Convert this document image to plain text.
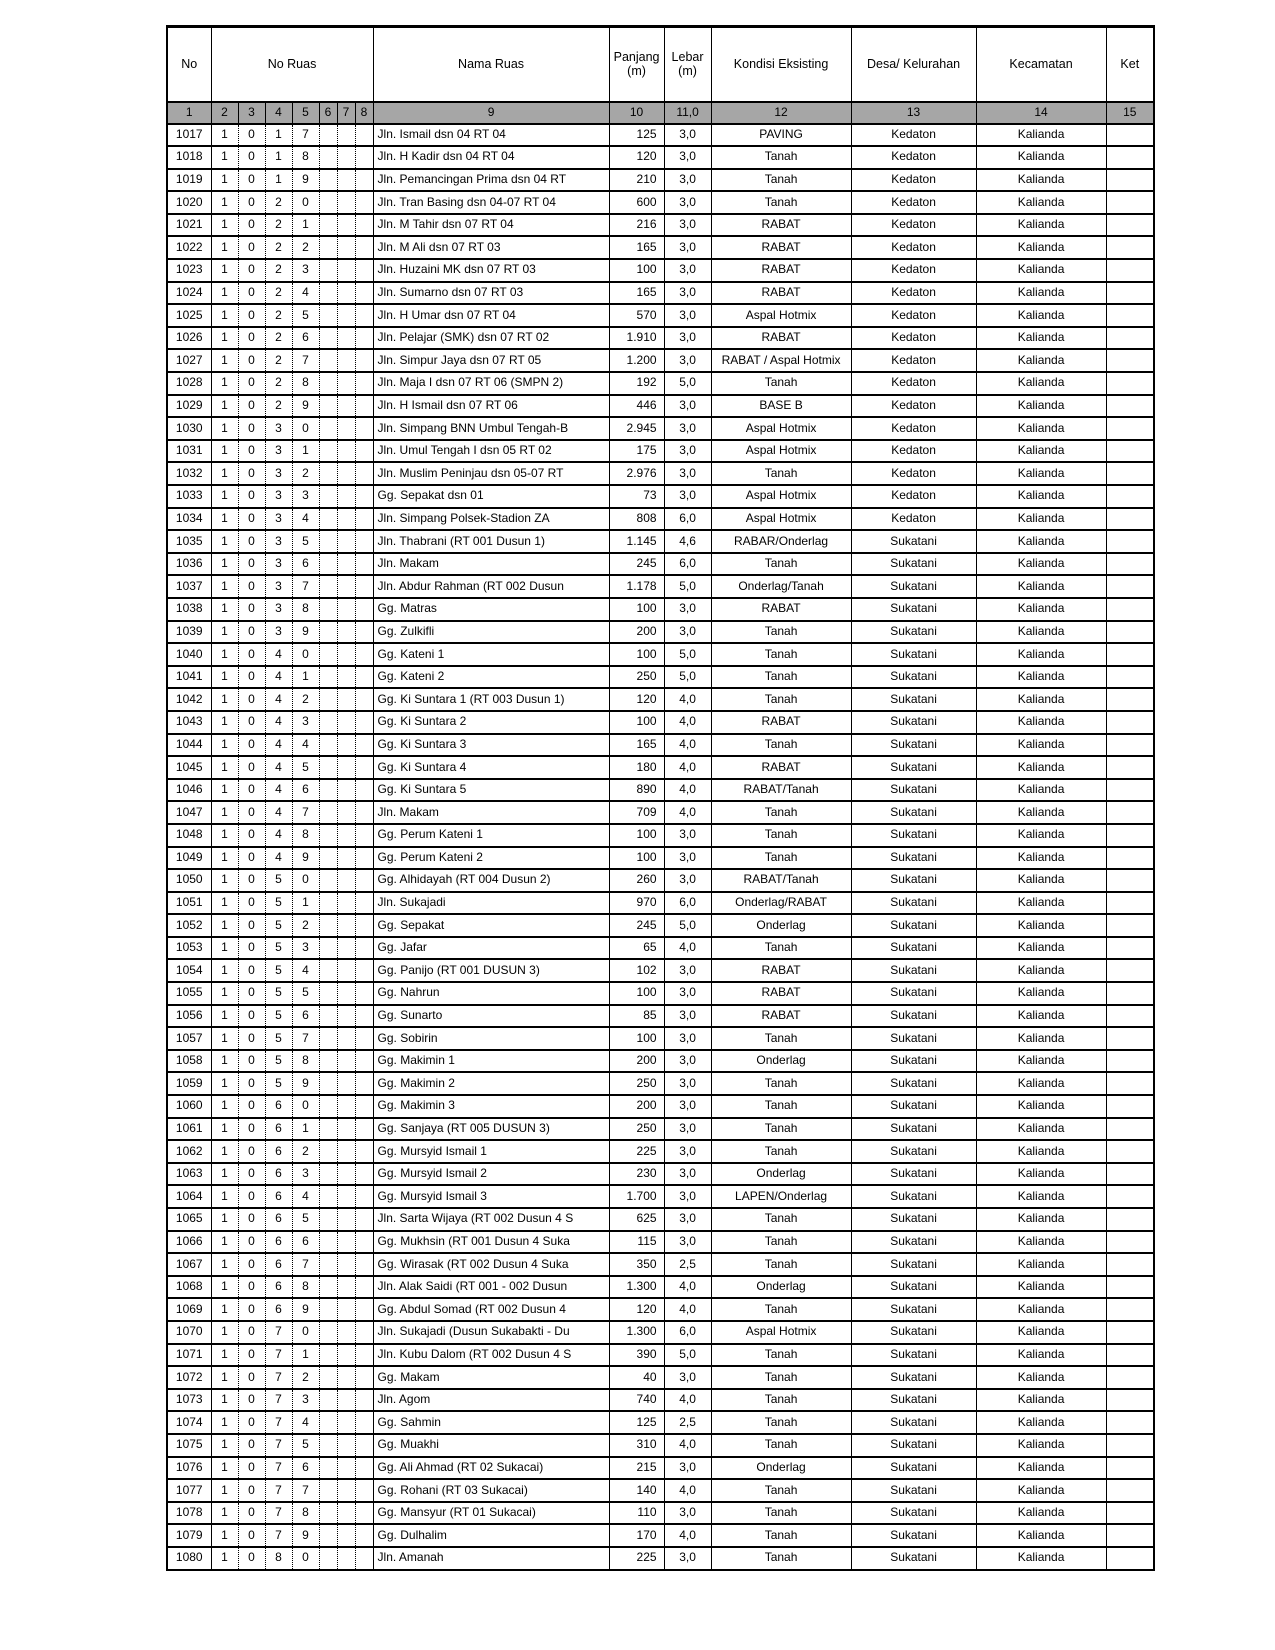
No	No Ruas							Nama Ruas	Panjang (m)	Lebar (m)	Kondisi Eksisting	Desa/ Kelurahan	Kecamatan	Ket
1	2	3	4	5	6	7	8	9	10	11,0	12	13	14	15
1017	1	0	1	7				Jln. Ismail dsn 04 RT 04	125	3,0	PAVING	Kedaton	Kalianda	
1018	1	0	1	8				Jln. H Kadir dsn 04 RT 04	120	3,0	Tanah	Kedaton	Kalianda	
1019	1	0	1	9				Jln. Pemancingan Prima dsn 04 RT	210	3,0	Tanah	Kedaton	Kalianda	
1020	1	0	2	0				Jln. Tran Basing dsn 04-07 RT 04	600	3,0	Tanah	Kedaton	Kalianda	
1021	1	0	2	1				Jln. M Tahir dsn 07 RT 04	216	3,0	RABAT	Kedaton	Kalianda	
1022	1	0	2	2				Jln. M Ali dsn 07 RT 03	165	3,0	RABAT	Kedaton	Kalianda	
1023	1	0	2	3				Jln. Huzaini MK dsn 07 RT 03	100	3,0	RABAT	Kedaton	Kalianda	
1024	1	0	2	4				Jln. Sumarno dsn 07 RT 03	165	3,0	RABAT	Kedaton	Kalianda	
1025	1	0	2	5				Jln. H Umar dsn 07 RT 04	570	3,0	Aspal Hotmix	Kedaton	Kalianda	
1026	1	0	2	6				Jln. Pelajar (SMK) dsn 07 RT 02	1.910	3,0	RABAT	Kedaton	Kalianda	
1027	1	0	2	7				Jln. Simpur Jaya dsn 07 RT 05	1.200	3,0	RABAT / Aspal Hotmix	Kedaton	Kalianda	
1028	1	0	2	8				Jln. Maja I dsn 07 RT 06 (SMPN 2)	192	5,0	Tanah	Kedaton	Kalianda	
1029	1	0	2	9				Jln. H Ismail dsn 07 RT 06	446	3,0	BASE B	Kedaton	Kalianda	
1030	1	0	3	0				Jln. Simpang BNN Umbul Tengah-B	2.945	3,0	Aspal Hotmix	Kedaton	Kalianda	
1031	1	0	3	1				Jln. Umul Tengah I dsn 05 RT 02	175	3,0	Aspal Hotmix	Kedaton	Kalianda	
1032	1	0	3	2				Jln. Muslim Peninjau dsn 05-07 RT	2.976	3,0	Tanah	Kedaton	Kalianda	
1033	1	0	3	3				Gg. Sepakat dsn 01	73	3,0	Aspal Hotmix	Kedaton	Kalianda	
1034	1	0	3	4				Jln. Simpang Polsek-Stadion ZA	808	6,0	Aspal Hotmix	Kedaton	Kalianda	
1035	1	0	3	5				Jln. Thabrani (RT 001 Dusun 1)	1.145	4,6	RABAR/Onderlag	Sukatani	Kalianda	
1036	1	0	3	6				Jln. Makam	245	6,0	Tanah	Sukatani	Kalianda	
1037	1	0	3	7				Jln. Abdur Rahman (RT 002 Dusun	1.178	5,0	Onderlag/Tanah	Sukatani	Kalianda	
1038	1	0	3	8				Gg. Matras	100	3,0	RABAT	Sukatani	Kalianda	
1039	1	0	3	9				Gg. Zulkifli	200	3,0	Tanah	Sukatani	Kalianda	
1040	1	0	4	0				Gg. Kateni 1	100	5,0	Tanah	Sukatani	Kalianda	
1041	1	0	4	1				Gg. Kateni 2	250	5,0	Tanah	Sukatani	Kalianda	
1042	1	0	4	2				Gg. Ki Suntara 1 (RT 003 Dusun 1)	120	4,0	Tanah	Sukatani	Kalianda	
1043	1	0	4	3				Gg. Ki Suntara 2	100	4,0	RABAT	Sukatani	Kalianda	
1044	1	0	4	4				Gg. Ki Suntara 3	165	4,0	Tanah	Sukatani	Kalianda	
1045	1	0	4	5				Gg. Ki Suntara 4	180	4,0	RABAT	Sukatani	Kalianda	
1046	1	0	4	6				Gg. Ki Suntara 5	890	4,0	RABAT/Tanah	Sukatani	Kalianda	
1047	1	0	4	7				Jln. Makam	709	4,0	Tanah	Sukatani	Kalianda	
1048	1	0	4	8				Gg. Perum Kateni 1	100	3,0	Tanah	Sukatani	Kalianda	
1049	1	0	4	9				Gg. Perum Kateni 2	100	3,0	Tanah	Sukatani	Kalianda	
1050	1	0	5	0				Gg. Alhidayah (RT 004 Dusun 2)	260	3,0	RABAT/Tanah	Sukatani	Kalianda	
1051	1	0	5	1				Jln. Sukajadi	970	6,0	Onderlag/RABAT	Sukatani	Kalianda	
1052	1	0	5	2				Gg. Sepakat	245	5,0	Onderlag	Sukatani	Kalianda	
1053	1	0	5	3				Gg. Jafar	65	4,0	Tanah	Sukatani	Kalianda	
1054	1	0	5	4				Gg. Panijo (RT 001 DUSUN 3)	102	3,0	RABAT	Sukatani	Kalianda	
1055	1	0	5	5				Gg. Nahrun	100	3,0	RABAT	Sukatani	Kalianda	
1056	1	0	5	6				Gg. Sunarto	85	3,0	RABAT	Sukatani	Kalianda	
1057	1	0	5	7				Gg. Sobirin	100	3,0	Tanah	Sukatani	Kalianda	
1058	1	0	5	8				Gg. Makimin 1	200	3,0	Onderlag	Sukatani	Kalianda	
1059	1	0	5	9				Gg. Makimin 2	250	3,0	Tanah	Sukatani	Kalianda	
1060	1	0	6	0				Gg. Makimin 3	200	3,0	Tanah	Sukatani	Kalianda	
1061	1	0	6	1				Gg. Sanjaya (RT 005 DUSUN 3)	250	3,0	Tanah	Sukatani	Kalianda	
1062	1	0	6	2				Gg. Mursyid Ismail 1	225	3,0	Tanah	Sukatani	Kalianda	
1063	1	0	6	3				Gg. Mursyid Ismail 2	230	3,0	Onderlag	Sukatani	Kalianda	
1064	1	0	6	4				Gg. Mursyid Ismail 3	1.700	3,0	LAPEN/Onderlag	Sukatani	Kalianda	
1065	1	0	6	5				Jln. Sarta Wijaya (RT 002 Dusun 4 S	625	3,0	Tanah	Sukatani	Kalianda	
1066	1	0	6	6				Gg. Mukhsin (RT 001 Dusun 4 Suka	115	3,0	Tanah	Sukatani	Kalianda	
1067	1	0	6	7				Gg. Wirasak (RT 002 Dusun 4 Suka	350	2,5	Tanah	Sukatani	Kalianda	
1068	1	0	6	8				Jln. Alak Saidi (RT 001 - 002 Dusun	1.300	4,0	Onderlag	Sukatani	Kalianda	
1069	1	0	6	9				Gg. Abdul Somad (RT 002 Dusun 4	120	4,0	Tanah	Sukatani	Kalianda	
1070	1	0	7	0				Jln. Sukajadi (Dusun Sukabakti - Du	1.300	6,0	Aspal Hotmix	Sukatani	Kalianda	
1071	1	0	7	1				Jln. Kubu Dalom (RT 002 Dusun 4 S	390	5,0	Tanah	Sukatani	Kalianda	
1072	1	0	7	2				Gg. Makam	40	3,0	Tanah	Sukatani	Kalianda	
1073	1	0	7	3				Jln. Agom	740	4,0	Tanah	Sukatani	Kalianda	
1074	1	0	7	4				Gg. Sahmin	125	2,5	Tanah	Sukatani	Kalianda	
1075	1	0	7	5				Gg. Muakhi	310	4,0	Tanah	Sukatani	Kalianda	
1076	1	0	7	6				Gg. Ali Ahmad (RT 02 Sukacai)	215	3,0	Onderlag	Sukatani	Kalianda	
1077	1	0	7	7				Gg. Rohani (RT 03 Sukacai)	140	4,0	Tanah	Sukatani	Kalianda	
1078	1	0	7	8				Gg. Mansyur (RT 01 Sukacai)	110	3,0	Tanah	Sukatani	Kalianda	
1079	1	0	7	9				Gg. Dulhalim	170	4,0	Tanah	Sukatani	Kalianda	
1080	1	0	8	0				Jln. Amanah	225	3,0	Tanah	Sukatani	Kalianda	
